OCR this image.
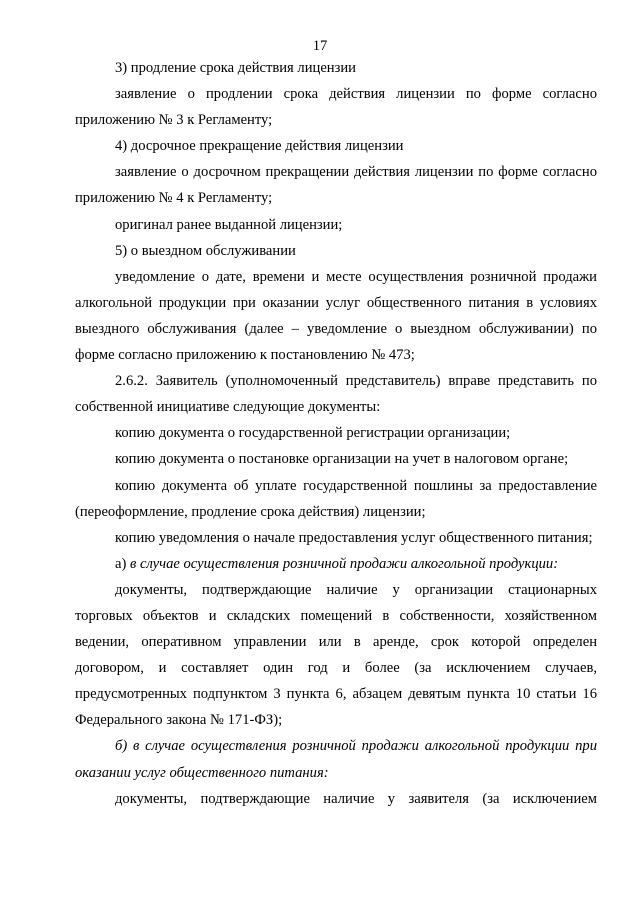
17

3) продление срока действия лицензии

заявление о продлении срока действия лицензии по форме согласно приложению № 3 к Регламенту;

4) досрочное прекращение действия лицензии

заявление о досрочном прекращении действия лицензии по форме согласно приложению № 4 к Регламенту;

оригинал ранее выданной лицензии;

5) о выездном обслуживании

уведомление о дате, времени и месте осуществления розничной продажи алкогольной продукции при оказании услуг общественного питания в условиях выездного обслуживания (далее – уведомление о выездном обслуживании) по форме согласно приложению к постановлению № 473;

2.6.2. Заявитель (уполномоченный представитель) вправе представить по собственной инициативе следующие документы:

копию документа о государственной регистрации организации;

копию документа о постановке организации на учет в налоговом органе;

копию документа об уплате государственной пошлины за предоставление (переоформление, продление срока действия) лицензии;

копию уведомления о начале предоставления услуг общественного питания;

а) в случае осуществления розничной продажи алкогольной продукции:

документы, подтверждающие наличие у организации стационарных торговых объектов и складских помещений в собственности, хозяйственном ведении, оперативном управлении или в аренде, срок которой определен договором, и составляет один год и более (за исключением случаев, предусмотренных подпунктом 3 пункта 6, абзацем девятым пункта 10 статьи 16 Федерального закона № 171-ФЗ);

б) в случае осуществления розничной продажи алкогольной продукции при оказании услуг общественного питания:

документы, подтверждающие наличие у заявителя (за исключением
